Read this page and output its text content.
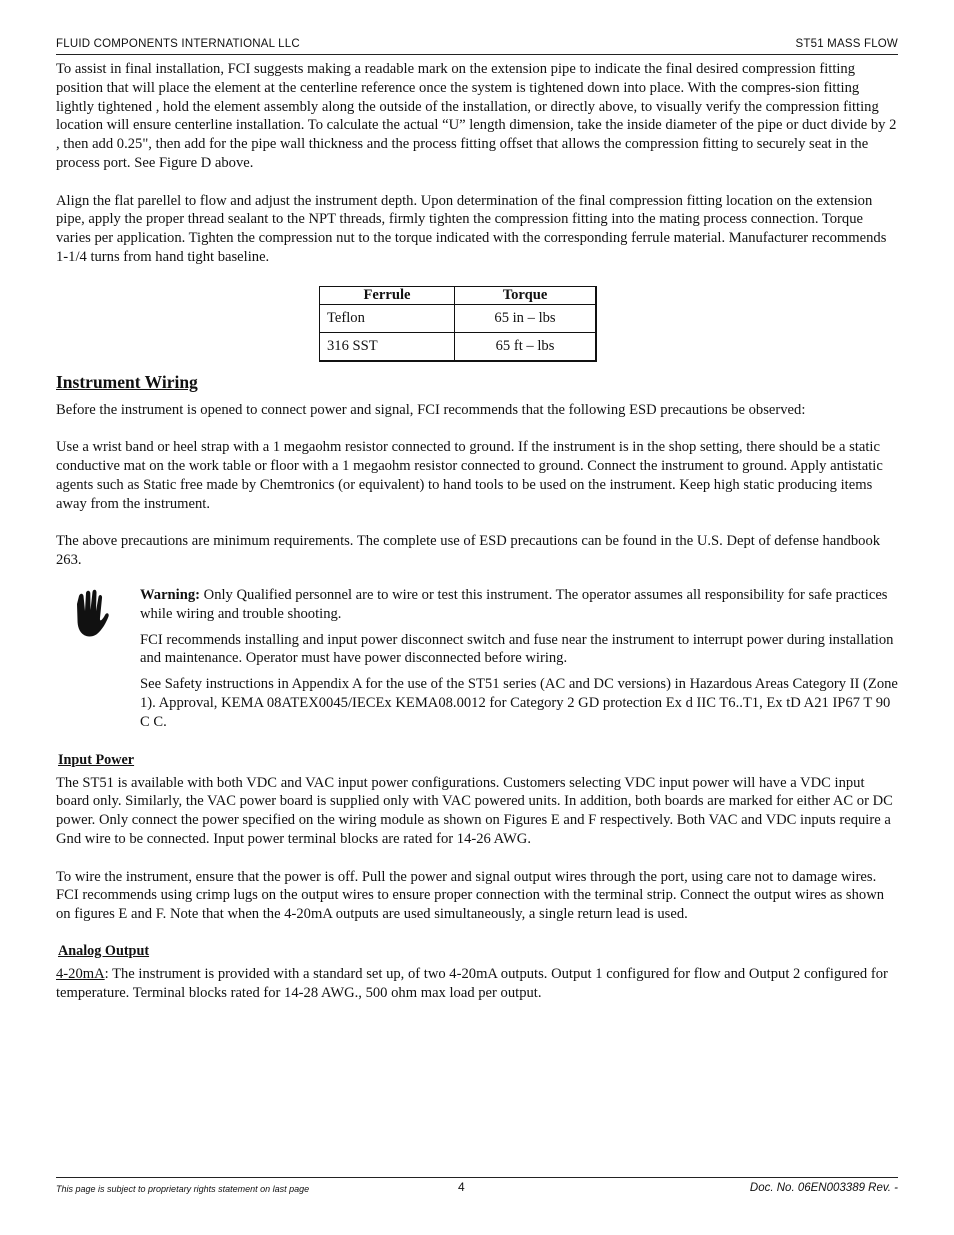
FLUID COMPONENTS INTERNATIONAL LLC	ST51 MASS FLOW

To assist in final installation, FCI suggests making a readable mark on the extension pipe to indicate the final desired compression fitting position that will place the element at the centerline reference once the system is tightened down into place. With the compres-sion fitting lightly tightened , hold the element assembly along the outside of the installation, or directly above, to visually verify the compression fitting location will ensure centerline installation. To calculate the actual “U” length dimension, take the inside diameter of the pipe or duct divide by 2 , then add 0.25", then add for the pipe wall thickness and the process fitting offset that allows the compression fitting to securely seat in the process port. See Figure D above.

Align the flat parellel to flow and adjust the instrument depth. Upon determination of the final compression fitting location on the extension pipe, apply the proper thread sealant to the NPT threads, firmly tighten the compression fitting into the mating process connection. Torque varies per application. Tighten the compression nut to the torque indicated with the corresponding ferrule material. Manufacturer recommends 1-1/4 turns from hand tight baseline.

Ferrule	Torque
Teflon	65 in – lbs
316 SST	65 ft – lbs
Instrument Wiring

Before the instrument is opened to connect power and signal, FCI recommends that the following ESD precautions be observed:

Use a wrist band or heel strap with a 1 megaohm resistor connected to ground. If the instrument is in the shop setting, there should be a static conductive mat on the work table or floor with a 1 megaohm resistor connected to ground. Connect the instrument to ground. Apply antistatic agents such as Static free made by Chemtronics (or equivalent) to hand tools to be used on the instrument. Keep high static producing items away from the instrument.

The above precautions are minimum requirements. The complete use of ESD precautions can be found in the U.S. Dept of defense handbook 263.

Warning: Only Qualified personnel are to wire or test this instrument. The operator assumes all responsibility for safe practices while wiring and trouble shooting.

FCI recommends installing and input power disconnect switch and fuse near the instrument to interrupt power during installation and maintenance. Operator must have power disconnected before wiring.

See Safety instructions in Appendix A for the use of the ST51 series (AC and DC versions) in Hazardous Areas Category II (Zone 1). Approval, KEMA 08ATEX0045/IECEx KEMA08.0012 for Category 2 GD protection Ex d IIC T6..T1, Ex tD A21 IP67 T 90 C C.

Input Power

The ST51 is available with both VDC and VAC input power configurations. Customers selecting VDC input power will have a VDC input board only. Similarly, the VAC power board is supplied only with VAC powered units. In addition, both boards are marked for either AC or DC power. Only connect the power specified on the wiring module as shown on Figures E and F respectively. Both VAC and VDC inputs require a Gnd wire to be connected. Input power terminal blocks are rated for 14-26 AWG.

To wire the instrument, ensure that the power is off. Pull the power and signal output wires through the port, using care not to damage wires. FCI recommends using crimp lugs on the output wires to ensure proper connection with the terminal strip. Connect the output wires as shown on figures E and F. Note that when the 4-20mA outputs are used simultaneously, a single return lead is used.

Analog Output

4-20mA: The instrument is provided with a standard set up, of two 4-20mA outputs. Output 1 configured for flow and Output 2 configured for temperature. Terminal blocks rated for 14-28 AWG., 500 ohm max load per output.

This page is subject to proprietary rights statement on last page	4	Doc. No. 06EN003389 Rev. -
